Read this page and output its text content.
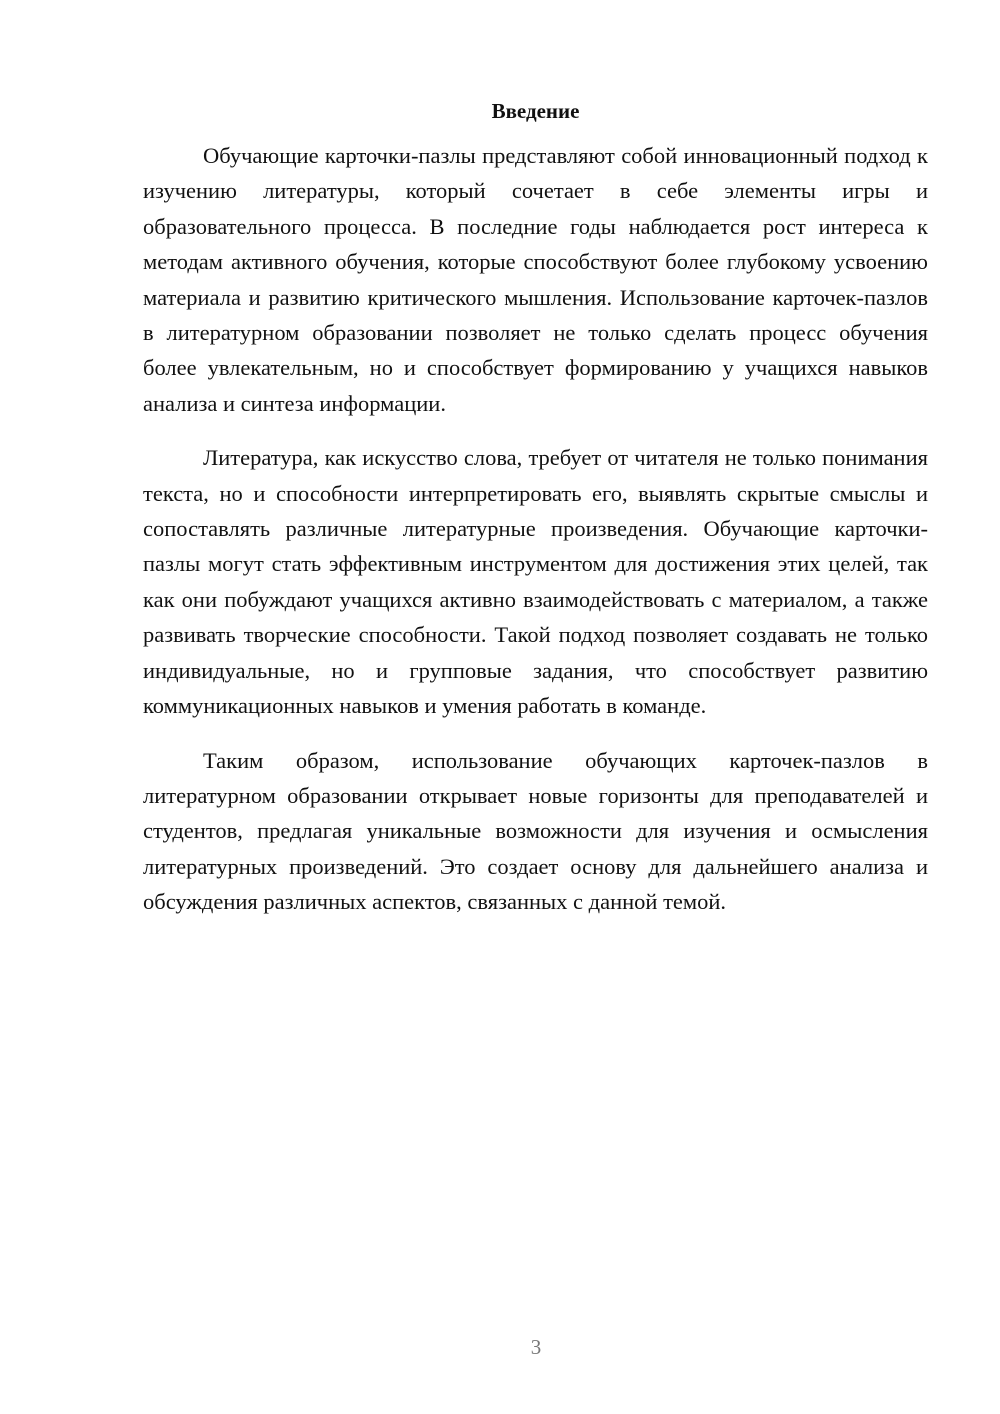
Введение

Обучающие карточки-пазлы представляют собой инновационный подход к изучению литературы, который сочетает в себе элементы игры и образовательного процесса. В последние годы наблюдается рост интереса к методам активного обучения, которые способствуют более глубокому усвоению материала и развитию критического мышления. Использование карточек-пазлов в литературном образовании позволяет не только сделать процесс обучения более увлекательным, но и способствует формированию у учащихся навыков анализа и синтеза информации.

Литература, как искусство слова, требует от читателя не только понимания текста, но и способности интерпретировать его, выявлять скрытые смыслы и сопоставлять различные литературные произведения. Обучающие карточки-пазлы могут стать эффективным инструментом для достижения этих целей, так как они побуждают учащихся активно взаимодействовать с материалом, а также развивать творческие способности. Такой подход позволяет создавать не только индивидуальные, но и групповые задания, что способствует развитию коммуникационных навыков и умения работать в команде.

Таким образом, использование обучающих карточек-пазлов в литературном образовании открывает новые горизонты для преподавателей и студентов, предлагая уникальные возможности для изучения и осмысления литературных произведений. Это создает основу для дальнейшего анализа и обсуждения различных аспектов, связанных с данной темой.

3
